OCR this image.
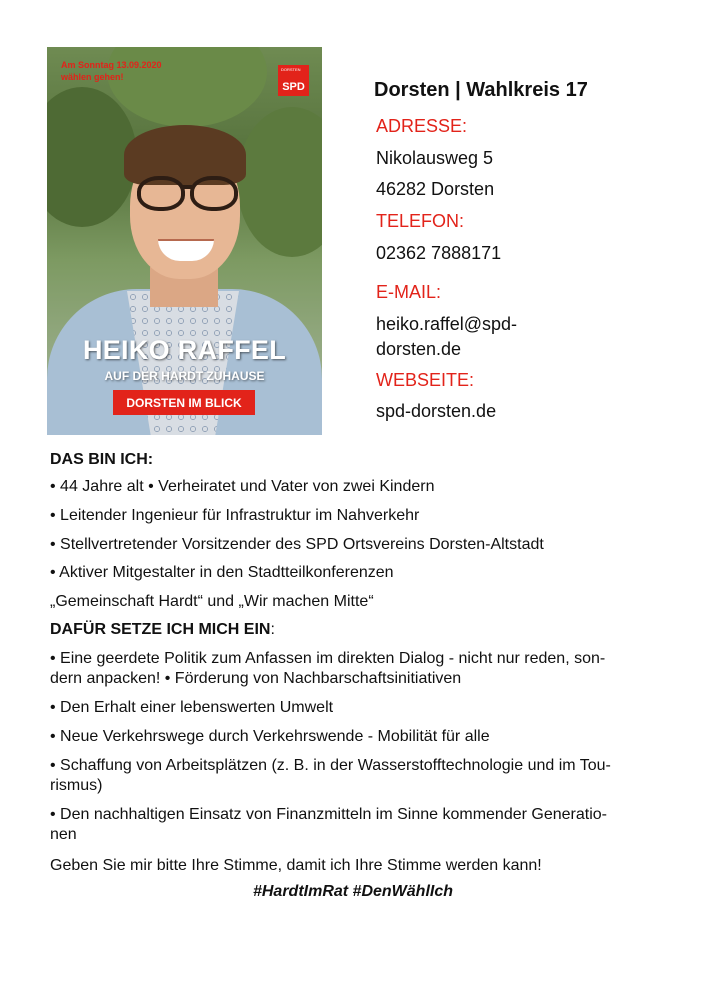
Am Sonntag 13.09.2020
wählen gehen!
DORSTEN
SPD
HEIKO RAFFEL
AUF DER HARDT ZUHAUSE
DORSTEN IM BLICK
Dorsten | Wahlkreis 17
ADRESSE:
Nikolausweg 5
46282 Dorsten
TELEFON:
02362 7888171
E-MAIL:
heiko.raffel@spd-
dorsten.de
WEBSEITE:
spd-dorsten.de
DAS BIN ICH:
• 44 Jahre alt • Verheiratet und Vater von zwei Kindern
• Leitender Ingenieur für Infrastruktur im Nahverkehr
• Stellvertretender Vorsitzender des SPD Ortsvereins Dorsten-Altstadt
• Aktiver Mitgestalter in den Stadtteilkonferenzen
„Gemeinschaft Hardt“ und „Wir machen Mitte“
DAFÜR SETZE ICH MICH EIN:
• Eine geerdete Politik zum Anfassen im direkten Dialog - nicht nur reden, son-
dern anpacken! • Förderung von Nachbarschaftsinitiativen
• Den Erhalt einer lebenswerten Umwelt
• Neue Verkehrswege durch Verkehrswende - Mobilität für alle
• Schaffung von Arbeitsplätzen (z. B. in der Wasserstofftechnologie und im Tou-
rismus)
• Den nachhaltigen Einsatz von Finanzmitteln im Sinne kommender Generatio-
nen
Geben Sie mir bitte Ihre Stimme, damit ich Ihre Stimme werden kann!
#HardtImRat #DenWählIch
